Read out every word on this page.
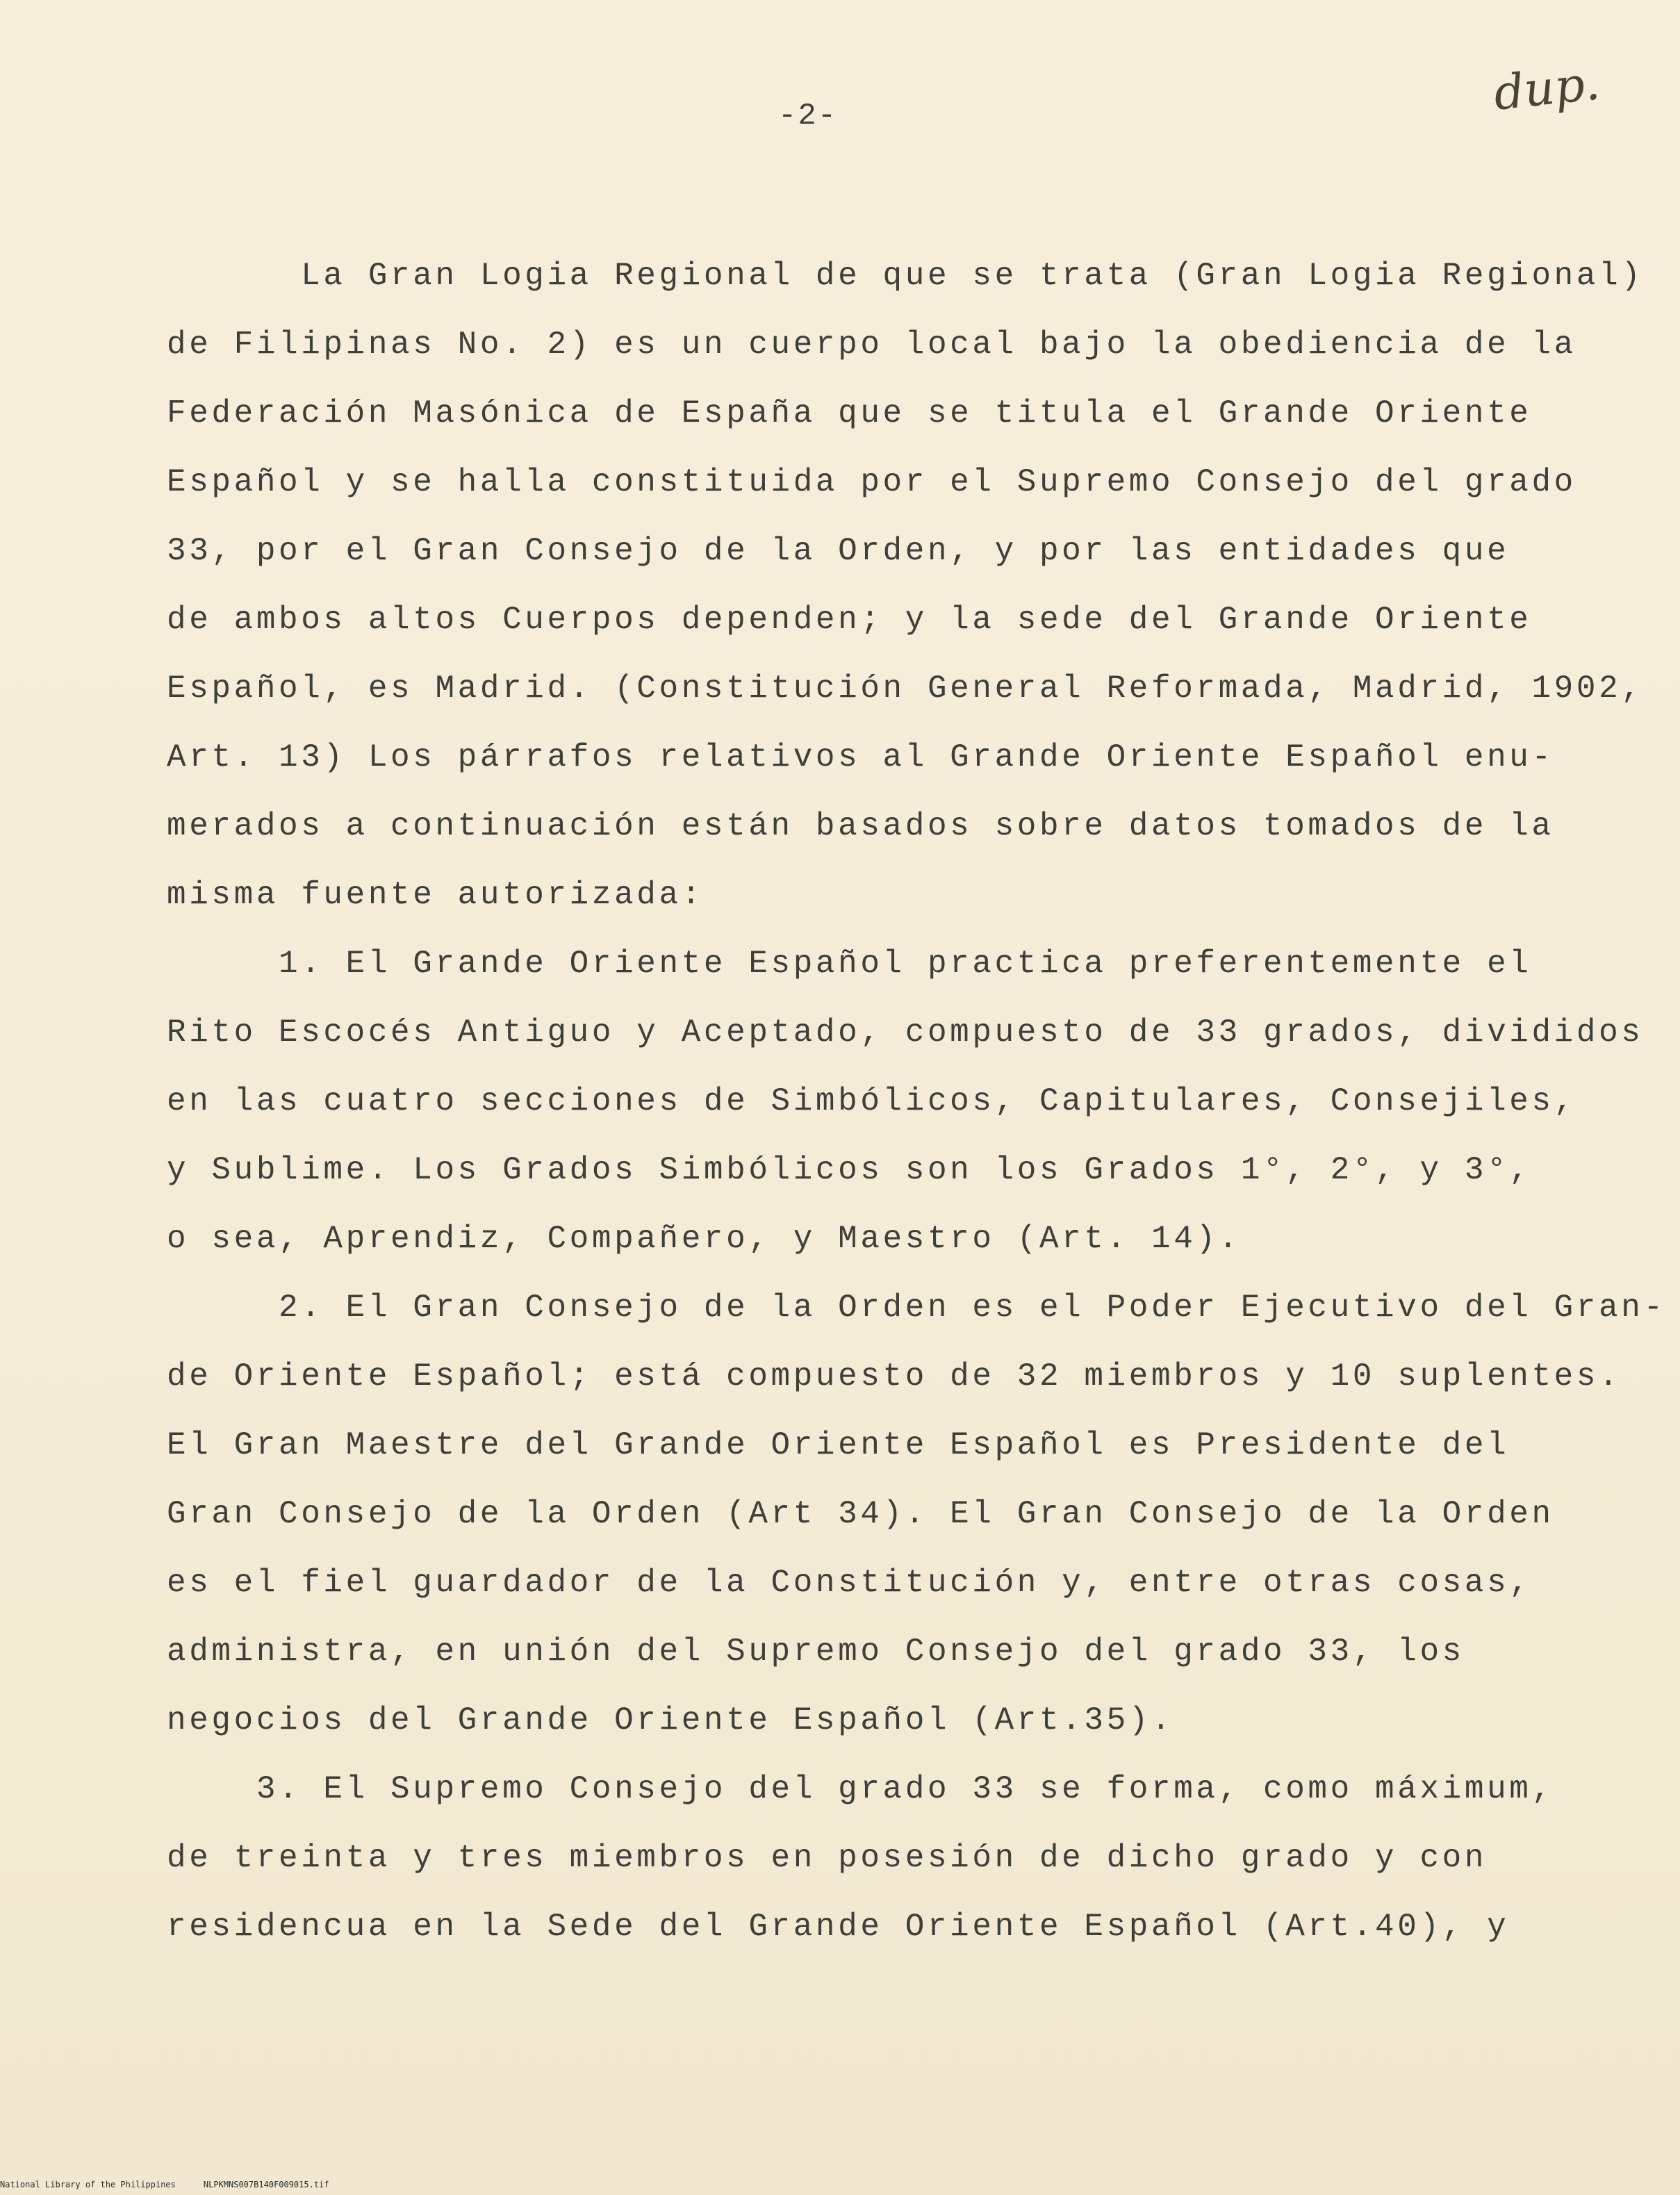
-2-	dup.
La Gran Logia Regional de que se trata (Gran Logia Regional)
de Filipinas No. 2) es un cuerpo local bajo la obediencia de la
Federación Masónica de España que se titula el Grande Oriente
Español y se halla constituida por el Supremo Consejo del grado
33, por el Gran Consejo de la Orden, y por las entidades que
de ambos altos Cuerpos dependen; y la sede del Grande Oriente
Español, es Madrid. (Constitución General Reformada, Madrid, 1902,
Art. 13) Los párrafos relativos al Grande Oriente Español enu-
merados a continuación están basados sobre datos tomados de la
misma fuente autorizada:
1. El Grande Oriente Español practica preferentemente el
Rito Escocés Antiguo y Aceptado, compuesto de 33 grados, divididos
en las cuatro secciones de Simbólicos, Capitulares, Consejiles,
y Sublime. Los Grados Simbólicos son los Grados 1°, 2°, y 3°,
o sea, Aprendiz, Compañero, y Maestro (Art. 14).
2. El Gran Consejo de la Orden es el Poder Ejecutivo del Gran-
de Oriente Español; está compuesto de 32 miembros y 10 suplentes.
El Gran Maestre del Grande Oriente Español es Presidente del
Gran Consejo de la Orden (Art 34). El Gran Consejo de la Orden
es el fiel guardador de la Constitución y, entre otras cosas,
administra, en unión del Supremo Consejo del grado 33, los
negocios del Grande Oriente Español (Art.35).
3. El Supremo Consejo del grado 33 se forma, como máximum,
de treinta y tres miembros en posesión de dicho grado y con
residencua en la Sede del Grande Oriente Español (Art.40), y
National Library of the Philippines	NLPKMNS007B140F009015.tif
